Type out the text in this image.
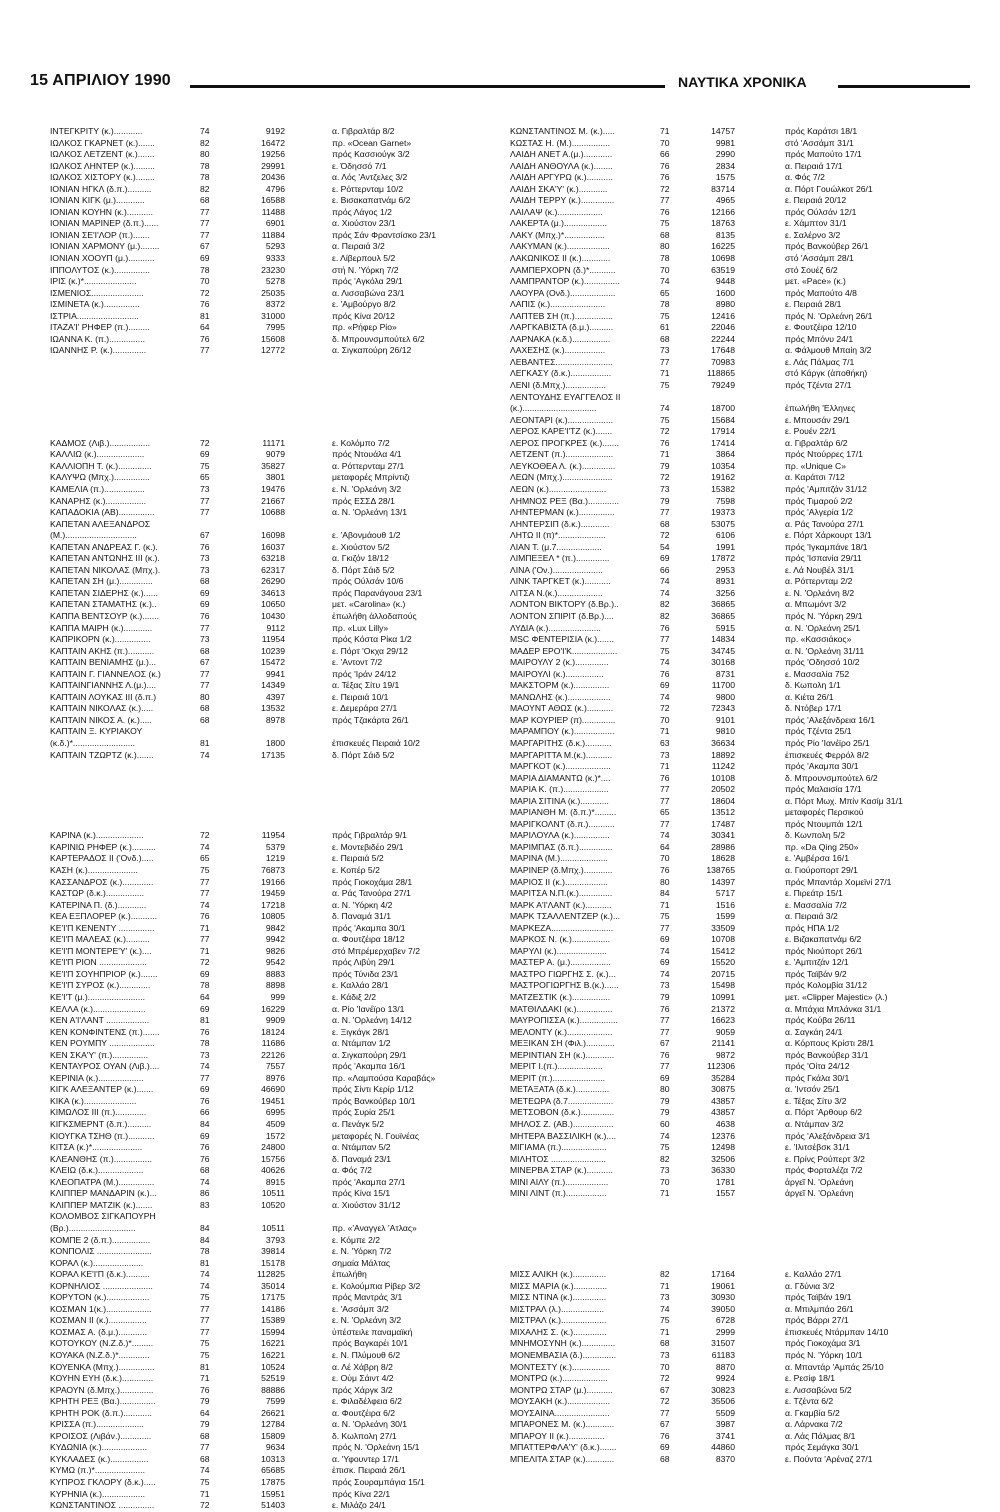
15 ΑΠΡΙΛΙΟΥ 1990	ΝΑΥΤΙΚΑ ΧΡΟΝΙΚΑ
ΙΝΤΕΓΚΡΙΤΥ (κ.)............	74	9192	α. Γιβραλτάρ 8/2
ΙΩΛΚΟΣ ΓΚΑΡΝΕΤ (κ.).......	82	16472	πρ. «Ocean Garnet»
ΙΩΛΚΟΣ ΛΕΤΖΕΝΤ (κ.).......	80	19256	πρός Κασσιούγκ 3/2
ΙΩΛΚΟΣ ΛΗΝΤΕΡ (κ.).........	78	29991	ε. Όδησσό 7/1
ΙΩΛΚΟΣ ΧΙΣΤΟΡΥ (κ.)........	78	20436	α. Λός 'Αντζελες 3/2
ΙΟΝΙΑΝ ΗΓΚΛ (δ.π.)..........	82	4796	ε. Ρόττερνταμ 10/2
ΙΟΝΙΑΝ ΚΙΓΚ (μ.)............	68	16588	ε. Βισακαπατνάμ 6/2
ΙΟΝΙΑΝ ΚΟΥΗΝ (κ.)...........	77	11488	πρός Λάγος 1/2
ΙΟΝΙΑΝ ΜΑΡΙΝΕΡ (δ.π.)......	77	6901	α. Χιούστον 23/1
ΙΟΝΙΑΝ ΣΕ'Ι'ΛΟΡ (π.).......	77	11884	πρός Σάν Φραντσίσκο 23/1
ΙΟΝΙΑΝ ΧΑΡΜΟΝΥ (μ.)........	67	5293	α. Πειραιά 3/2
ΙΟΝΙΑΝ ΧΟΟΥΠ (μ.)...........	69	9333	ε. Λίβερπουλ 5/2
ΙΠΠΟΛΥΤΟΣ (κ.)...............	78	23230	στή Ν. 'Υόρκη 7/2
ΙΡΙΣ (κ.)*......................	70	5278	πρός 'Αγκόλα 29/1
ΙΣΜΕΝΙΟΣ......................	72	25035	α. Λισσαβώνα 23/1
ΙΣΜΙΝΕΤΑ (κ.)...............	76	8372	ε. 'Αμβούργο 8/2
ΙΣΤΡΙΑ..........................	81	31000	πρός Κίνα 20/12
ΙΤΑΖΑ'Ι' ΡΗΦΕΡ (π.).........	64	7995	πρ. «Ρήφερ Ρίο»
ΙΩΑΝΝΑ Κ. (π.)...............	76	15608	δ. Μπρουνσμπούτελ 6/2
ΙΩΑΝΝΗΣ Ρ. (κ.)..............	77	12772	α. Σιγκαπούρη 26/12
ΚΑΔΜΟΣ (Λιβ.).................	72	11171	ε. Κολόμπο 7/2
ΚΑΛΛΙΩ (κ.)....................	69	9079	πρός Ντουάλα 4/1
ΚΑΛΛΙΟΠΗ Τ. (κ.)..............	75	35827	α. Ρόττερνταμ 27/1
ΚΑΛΥΨΩ (Μπχ.)...............	65	3801	μεταφορές Μπρίντιζι
ΚΑΜΕΛΙΑ (π.).................	73	19476	ε. Ν. 'Ορλεάνη 3/2
ΚΑΝΑΡΗΣ (κ.).................	77	21667	πρός ΕΣΣΔ 28/1
ΚΑΠΑΔΟΚΙΑ (ΑΒ)...............	77	10688	α. Ν. 'Ορλεάνη 13/1
ΚΑΠΕΤΑΝ ΑΛΕΞΑΝΔΡΟΣ
(Μ.)..............................	67	16098	ε. 'Αβονμάουθ 1/2
ΚΑΠΕΤΑΝ ΑΝΔΡΕΑΣ Γ. (κ.).	76	16037	ε. Χιούστον 5/2
ΚΑΠΕΤΑΝ ΑΝΤΩΝΗΣ ΙΙΙ (κ.).	73	63218	α. Γκιζόν 18/12
ΚΑΠΕΤΑΝ ΝΙΚΟΛΑΣ (Μπχ.).	73	62317	δ. Πόρτ Σάιδ 5/2
ΚΑΠΕΤΑΝ ΣΗ (μ.)..............	68	26290	πρός Ούλσάν 10/6
ΚΑΠΕΤΑΝ ΣΙΔΕΡΗΣ (κ.)......	69	34613	πρός Παρανάγουα 23/1
ΚΑΠΕΤΑΝ ΣΤΑΜΑΤΗΣ (κ.)..	69	10650	μετ. «Carolina» (κ.)
ΚΑΠΠΑ ΒΕΝΤΣΟΥΡ (κ.).......	76	10430	ἐπωλήθη ἀλλοδαπούς
ΚΑΠΠΑ ΜΑΙΡΗ (κ.)............	77	9112	πρ. «Lux Lilly»
ΚΑΠΡΙΚΟΡΝ (κ.)...............	73	11954	πρός Κόστα Ρίκα 1/2
ΚΑΠΤΑΙΝ ΑΚΗΣ (π.)...........	68	10239	ε. Πόρτ 'Οκχα 29/12
ΚΑΠΤΑΙΝ ΒΕΝΙΑΜΗΣ (μ.)...	67	15472	ε. 'Αντοντ 7/2
ΚΑΠΤΑΙΝ Γ. ΓΙΑΝΝΕΛΟΣ (κ.)	77	9941	πρός 'Ιράν 24/12
ΚΑΠΤΑΙΝΓΙΑΝΝΗΣ Λ.(μ.)....	77	14349	α. Τέξας Σίτυ 19/1
ΚΑΠΤΑΙΝ ΛΟΥΚΑΣ ΙΙΙ (δ.π.)	80	4397	ε. Πειραιά 10/1
ΚΑΠΤΑΙΝ ΝΙΚΟΛΑΣ (κ.).....	68	13532	ε. Δεμεράρα 27/1
ΚΑΠΤΑΙΝ ΝΙΚΟΣ Α. (κ.).....	68	8978	πρός Τζακάρτα 26/1
ΚΑΠΤΑΙΝ Ξ. ΚΥΡΙΑΚΟΥ
(κ.δ.)*..........................	81	1800	ἐπισκευές Πειραιά 10/2
ΚΑΠΤΑΙΝ ΤΖΩΡΤΖ (κ.).......	74	17135	δ. Πόρτ Σάιδ 5/2
ΚΑΡΙΝΑ (κ.)....................	72	11954	πρός Γιβραλτάρ 9/1
ΚΑΡΙΝΙΩ ΡΗΦΕΡ (κ.)..........	74	5379	ε. Μοντεβιδέο 29/1
ΚΑΡΤΕΡΑΔΟΣ ΙΙ ('Ονδ.).....	65	1219	ε. Πειραιά 5/2
ΚΑΣΗ (κ.).....................	75	76873	ε. Κοπέρ 5/2
ΚΑΣΣΑΝΔΡΟΣ (κ.).............	77	19166	πρός Γιοκοχάμα 28/1
ΚΑΣΤΩΡ (δ.κ.)................	77	19459	α. Ράς Τανούρα 27/1
ΚΑΤΕΡΙΝΑ Π. (δ.)............	74	17218	α. Ν. 'Υόρκη 4/2
ΚΕΑ ΕΞΠΛΟΡΕΡ (κ.)...........	76	10805	δ. Παναμά 31/1
ΚΕ'Ι'Π ΚΕΝΕΝΤΥ ...............	71	9842	πρός 'Ακαμπα 30/1
ΚΕ'Ι'Π ΜΑΛΕΑΣ (κ.)..........	77	9942	α. Φουτζέιρα 18/12
ΚΕ'Ι'Π ΜΟΝΤΕΡΕ'Υ' (κ.)....	71	9826	στό Μπρέμερχαβεν 7/2
ΚΕ'Ι'Π ΡΙΟΝ ....................	72	9542	πρός Λιβύη 29/1
ΚΕ'Ι'Π ΣΟΥΗΠΡΙΟΡ (κ.).......	69	8883	πρός Τύνιδα 23/1
ΚΕ'Ι'Π ΣΥΡΟΣ (κ.).............	78	8898	ε. Καλλάο 28/1
ΚΕ'Ι'Τ (μ.)........................	64	999	ε. Κάδιξ 2/2
ΚΕΛΛΑ (κ.)......................	69	16229	α. Ρίο 'Ιανέϊρο 13/1
ΚΕΝ Α'Ι'ΛΑΝΤ ..................	81	9909	α. Ν. 'Ορλεάνη 14/12
ΚΕΝ ΚΟΝΦΙΝΤΕΝΣ (π.).......	76	18124	ε. Ξιγκάγκ 28/1
ΚΕΝ ΡΟΥΜΠΥ ...................	78	11686	α. Ντάμπαν 1/2
ΚΕΝ ΣΚΑ'Υ' (π.)...............	73	22126	α. Σιγκαπούρη 29/1
ΚΕΝΤΑΥΡΟΣ ΟΥΑΝ (Λιβ.)....	74	7557	πρός 'Ακαμπα 16/1
ΚΕΡΙΝΙΑ (κ.)...................	77	8976	πρ. «Λαμπούσα Καραβάς»
ΚΙΓΚ ΑΛΕΞΑΝΤΕΡ (κ.).......	69	46690	πρός Σίντι Κερίρ 1/12
ΚΙΚΑ (κ.)......................	76	19451	πρός Βανκούβερ 10/1
ΚΙΜΩΛΟΣ ΙΙΙ (π.).............	66	6995	πρός Συρία 25/1
ΚΙΓΚΣΜΕΡΝΤ (δ.π.)..........	84	4509	α. Πενάγκ 5/2
ΚΙΟΥΓΚΑ ΤΣΗΘ (π.)...........	69	1572	μεταφορές Ν. Γουϊνέας
ΚΙΤΣΑ (κ.)*.....................	76	24800	α. Ντάμπαν 5/2
ΚΛΕΑΝΘΗΣ (π.)................	76	15756	δ. Παναμά 23/1
ΚΛΕΙΩ (δ.κ.)...................	68	40626	α. Φός 7/2
ΚΛΕΟΠΑΤΡΑ (Μ.)...............	74	8915	πρός 'Ακαμπα 27/1
ΚΛΙΠΠΕΡ ΜΑΝΔΑΡΙΝ (κ.)...	86	10511	πρός Κίνα 15/1
ΚΛΙΠΠΕΡ ΜΑΤΖΙΚ (κ.).......	83	10520	α. Χιούστον 31/12
ΚΟΛΟΜΒΟΣ ΣΙΓΚΑΠΟΥΡΗ
(Βρ.)............................	84	10511	πρ. «'Αναγγελ 'Ατλας»
ΚΟΜΠΕ 2 (δ.π.)................	84	3793	ε. Κόμπε 2/2
ΚΟΝΠΟΛΙΣ .......................	78	39814	ε. Ν. 'Υόρκη 7/2
ΚΟΡΑΛ (κ.).....................	81	15178	σημαία Μάλτας
ΚΟΡΑΛ ΚΕ'Ι'Π (δ.κ.)..........	74	112825	ἐπωλήθη
ΚΟΡΝΗΛΙΟΣ .....................	74	35014	ε. Κολούμπια Ρίβερ 3/2
ΚΟΡΥΤΟΝ (κ.)..................	75	17175	πρός Μαντράς 3/1
ΚΟΣΜΑΝ 1(κ.)...................	77	14186	ε. 'Ασσάμπ 3/2
ΚΟΣΜΑΝ ΙΙ (κ.)................	77	15389	ε. Ν. 'Ορλεάνη 3/2
ΚΟΣΜΑΣ Α. (δ.μ.)............	77	15994	ὑπέστειλε παναμαϊκή
ΚΟΤΟΥΚΟΥ (Ν.Ζ.δ.)*.........	75	16221	πρός Βαγκαρέι 10/1
ΚΟΥΑΚΑ (Ν.Ζ.δ.)*.............	75	16221	ε. Ν. Πλύμουθ 6/2
ΚΟΥΕΝΚΑ (Μπχ.)...............	81	10524	α. Λέ Χάβρη 8/2
ΚΟΥΗΝ ΕΥΗ (δ.κ.).............	71	52519	ε. Οὐμ Σάιντ 4/2
ΚΡΑΟΥΝ (δ.Μπχ.)..............	76	88886	πρός Χάργκ 3/2
ΚΡΗΤΗ ΡΕΞ (Βα.)...............	79	7599	ε. Φιλαδέλφεια 6/2
ΚΡΗΤΗ ΡΟΚ (δ.π.)............	64	26621	α. Φουτζέιρα 6/2
ΚΡΙΣΣΑ (π.)....................	79	12784	α. Ν. 'Ορλεάνη 30/1
ΚΡΟΙΣΟΣ (Λιβάν.).............	68	15809	δ. Κωλπολη 27/1
ΚΥΔΩΝΙΑ (κ.)...................	77	9634	πρός Ν. 'Ορλεάνη 15/1
ΚΥΚΛΑΔΕΣ (κ.)................	68	10313	α. 'Υφουντερ 17/1
ΚΥΜΩ (π.)*.....................	74	65685	ἐπισκ. Πειραιά 26/1
ΚΥΠΡΟΣ ΓΚΛΟΡΥ (δ.κ.).....	75	17875	πρός Σουραμπάγια 15/1
ΚΥΡΗΝΙΑ (κ.)..................	71	15951	πρός Κίνα 22/1
ΚΩΝΣΤΑΝΤΙΝΟΣ ...............	72	51403	ε. Μιλάζο 24/1
ΚΩΝΣΤΑΝΤΙΝΟΣ Μ. (κ.).....	71	14757	πρός Καράτσι 18/1
ΚΩΣΤΑΣ Η. (Μ.)................	70	9981	στό 'Ασσάμπ 31/1
ΛΑΙΔΗ ΑΝΕΤ Α.(μ.)............	66	2990	πρός Μαπούτο 17/1
ΛΑΙΔΗ ΑΝΘΟΥΛΑ (κ.)........	76	2834	α. Πειραιά 17/1
ΛΑΙΔΗ ΑΡΓΥΡΩ (κ.)...........	76	1575	α. Φός 7/2
ΛΑΙΔΗ ΣΚΑ'Υ' (κ.)............	72	83714	α. Πόρτ Γουώλκοτ 26/1
ΛΑΙΔΗ ΤΕΡΡΥ (κ.)..............	77	4965	ε. Πειραιά 20/12
ΛΑΙΛΑΨ (κ.)...................	76	12166	πρός Ούλσάν 12/1
ΛΑΚΕΡΤΑ (μ.)..................	75	18763	ε. Χάμπτον 31/1
ΛΑΚΥ (Μπχ.)*.................	68	8135	ε. Σαλέρνο 3/2
ΛΑΚΥΜΑΝ (κ.)..................	80	16225	πρός Βανκούβερ 26/1
ΛΑΚΩΝΙΚΟΣ ΙΙ (κ.)............	78	10698	στό 'Ασσάμπ 28/1
ΛΑΜΠΕΡΧΟΡΝ (δ.)*...........	70	63519	στό Σουέζ 6/2
ΛΑΜΠΡΑΝΤΟΡ (κ.)...............	74	9448	μετ. «Pace» (κ.)
ΛΑΟΥΡΑ (Ονδ.)...................	65	1600	πρός Μαπούτο 4/8
ΛΑΠΙΣ (κ.).......................	78	8980	ε. Πειραιά 28/1
ΛΑΠΤΕΒ ΣΗ (π.)................	75	12416	πρός Ν. 'Ορλεάνη 26/1
ΛΑΡΓΚΑΒΙΣΤΑ (δ.μ.)..........	61	22046	ε. Φουτζέιρα 12/10
ΛΑΡΝΑΚΑ (κ.δ.)................	68	22244	πρός Μπόνυ 24/1
ΛΑΧΕΣΗΣ (κ.).................	73	17648	α. Φάλμουθ Μπαίη 3/2
ΛΕΒΑΝΤΕΣ........................	77	70983	ε. Λάς Πάλμας 7/1
ΛΕΓΚΑΣΥ (δ.κ.).................	71	118865	στό Κάργκ (ἀποθήκη)
ΛΕΝΙ (δ.Μπχ.).................	75	79249	πρός Τζέντα 27/1
ΛΕΝΤΟΥΔΗΣ ΕΥΑΓΓΕΛΟΣ ΙΙ
(κ.)...............................	74	18700	ἐπωλήθη 'Ελληνες
ΛΕΟΝΤΑΡΙ (κ.)...................	75	15684	ε. Μπουσάν 29/1
ΛΕΡΟΣ ΚΑΡΕ'Ι'ΤΖ (κ.).......	72	17914	ε. Ρουέν 22/1
ΛΕΡΟΣ ΠΡΟΓΚΡΕΣ (κ.).......	76	17414	α. Γιβραλτάρ 6/2
ΛΕΤΖΕΝΤ (π.)....................	71	3864	πρός Ντούρρες 17/1
ΛΕΥΚΟΘΕΑ Λ. (κ.)..............	79	10354	πρ. «Unique C»
ΛΕΩΝ (Μπχ.).....................	72	19162	α. Καράτσι 7/12
ΛΕΩΝ (κ.)........................	73	15382	πρός 'Αμπιτζάν 31/12
ΛΗΜΝΟΣ ΡΕΞ (Βα.).............	79	7598	πρός Τιμαρού 2/2
ΛΗΝΤΕΡΜΑΝ (κ.)...............	77	19373	πρός 'Αλγερία 1/2
ΛΗΝΤΕΡΣΙΠ (δ.κ.)............	68	53075	α. Ράς Τανούρα 27/1
ΛΗΤΩ ΙΙ (π)*....................	72	6106	ε. Πόρτ Χάρκουρτ 13/1
ΛΙΑΝ Τ. (μ.7...................	54	1991	πρός 'Ιγκαμπάνε 18/1
ΛΙΜΠΕΞΕΛ * (π.)..............	69	17872	πρός 'Ισπανία 29/11
ΛΙΝΑ ('Ον.).....................	66	2953	ε. Λά Νουβέλ 31/1
ΛΙΝΚ ΤΑΡΓΚΕΤ (κ.)...........	74	8931	α. Ρόττερνταμ 2/2
ΛΙΤΣΑ Ν.(κ.)...................	74	3256	ε. Ν. 'Ορλεάνη 8/2
ΛΟΝΤΟΝ ΒΙΚΤΟΡΥ (δ.Βρ.)..	82	36865	α. Μπωμόντ 3/2
ΛΟΝΤΟΝ ΣΠΙΡΙΤ (δ.Βρ.)....	82	36865	πρός Ν. 'Υόρκη 29/1
ΛΥΔΙΑ (κ.)......................	76	5915	α. Ν. 'Ορλεάνη 25/1
MSC ΦΕΝΤΕΡΙΣΙΑ (κ.).......	77	14834	πρ. «Κασσιάκος»
ΜΑΔΕΡ ΕΡΟ'Ι'Κ...................	75	34745	α. Ν. 'Ορλεάνη 31/11
ΜΑΙΡΟΥΛΥ 2 (κ.)..............	74	30168	πρός 'Οδησσό 10/2
ΜΑΙΡΟΥΛΙ (κ.)................	76	8731	ε. Μασσαλία 752
ΜΑΚΣΤΟΡΜ (κ.)...............	69	11700	δ. Κωπολη 1/1
ΜΑΝΩΛΗΣ (κ.)..................	74	9800	α. Κιέτα 26/1
ΜΑΟΥΝΤ ΑΘΩΣ (κ.)...........	72	72343	δ. Ντόβερ 17/1
ΜΑΡ ΚΟΥΡΙΕΡ (π)..............	70	9101	πρός 'Αλεξάνδρεια 16/1
ΜΑΡΑΜΠΟΥ (κ.).................	71	9810	πρός Τζέντα 25/1
ΜΑΡΓΑΡΙΤΗΣ (δ.κ.)...........	63	36634	πρός Ρίο 'Ιανέϊρο 25/1
ΜΑΡΓΑΡΙΤΤΑ Μ.(κ.)...........	73	18892	ἐπισκευές Φερρόλ 8/2
ΜΑΡΓΚΟΤ (κ.)...................	71	11242	πρός 'Ακαμπα 30/1
ΜΑΡΙΑ ΔΙΑΜΑΝΤΩ (κ.)*....	76	10108	δ. Μπρουνσμπούτελ 6/2
ΜΑΡΙΑ Κ. (π.)...................	77	20502	πρός Μαλαισία 17/1
ΜΑΡΙΑ ΣΙΤΙΝΑ (κ.)............	77	18604	α. Πόρτ Μωχ. Μπίν Κασίμ 31/1
ΜΑΡΙΑΝΘΗ Μ. (δ.π.)*.........	65	13512	μεταφορές Περσικού
ΜΑΡΙΓΚΟΛΝΤ (δ.π.)...........	77	17487	πρός Ντουμπάι 12/1
ΜΑΡΙΛΟΥΛΑ (κ.)...............	74	30341	δ. Κωνπολη 5/2
ΜΑΡΙΜΠΑΣ (δ.π.)..............	64	28986	πρ. «Da Qing 250»
ΜΑΡΙΝΑ (Μ.)....................	70	18628	ε. 'Αμβέρσα 16/1
ΜΑΡΙΝΕΡ (δ.Μπχ.)............	76	138765	α. Γιούροπορτ 29/1
ΜΑΡΙΟΣ ΙΙ (κ.)..................	80	14397	πρός Μπαντάρ Χομεϊνί 27/1
ΜΑΡΙΤΣΑ Ν.Π.(κ.)..............	84	5717	ε. Πιρεάτρ 15/1
ΜΑΡΚ Α'Ι'ΛΑΝΤ (κ.)...........	71	1516	ε. Μασσαλία 7/2
ΜΑΡΚ ΤΣΑΛΛΕΝΤΖΕΡ (κ.)...	75	1599	α. Πειραιά 3/2
ΜΑΡΚΕΖΑ..........................	77	33509	πρός ΗΠΑ 1/2
ΜΑΡΚΟΣ Ν. (κ.)................	69	10708	ε. Βιζακαπατνάμ 6/2
ΜΑΡΥΛΙ (κ.).....................	74	15412	πρός Νιούπορτ 26/1
ΜΑΣΤΕΡ Α. (μ.).................	69	15520	ε. 'Αμπιτζάν 12/1
ΜΑΣΤΡΟ ΓΙΩΡΓΗΣ Σ. (κ.)...	74	20715	πρός Ταϊβάν 9/2
ΜΑΣΤΡΟΓΙΩΡΓΗΣ Β.(κ.)......	73	15498	πρός Κολομβία 31/12
ΜΑΤΖΕΣΤΙΚ (κ.)................	79	10991	μετ. «Clipper Majestic» (λ.)
ΜΑΤΘΙΛΔΑΚΙ (κ.)...............	76	21372	α. Μπάχια Μπλάνκα 31/1
ΜΑΥΡΟΠΙΣΣΑ (κ.)................	77	16623	πρός Κούβα 26/11
ΜΕΛΟΝΤΥ (κ.)...................	77	9059	α. Σαγκάη 24/1
ΜΕΞΙΚΑΝ ΣΗ (Φιλ.)............	67	21141	α. Κόρπους Κρίστι 28/1
ΜΕΡΙΝΤΙΑΝ ΣΗ (κ.)............	76	9872	πρός Βανκούβερ 31/1
ΜΕΡΙΤ Ι.(π.)...................	77	112306	πρός 'Οίτα 24/12
ΜΕΡΙΤ (π.)......................	69	35284	πρός Γκάλα 30/1
ΜΕΤΑΞΑΤΑ (δ.κ.)..............	80	30875	α. 'Ιντσόν 25/1
ΜΕΤΕΩΡΑ (δ.7...................	79	43857	ε. Τέξας Σίτυ 3/2
ΜΕΤΣΟΒΟΝ (δ.κ.)..............	79	43857	α. Πόρτ 'Αρθουρ 6/2
ΜΗΛΟΣ Ζ. (ΑΒ.).................	60	4638	α. Ντάμπαν 3/2
ΜΗΤΕΡΑ ΒΑΣΣΙΛΙΚΗ (κ.)....	74	12376	πρός 'Αλεξάνδρεια 3/1
ΜΙΓΙΑΜΑ (π.)...................	75	12498	ε. 'Ιλιτσέβσκ 31/1
ΜΙΛΗΤΟΣ .......................	82	32506	ε. Πρίνς Ρούπερτ 3/2
ΜΙΝΕΡΒΑ ΣΤΑΡ (κ.)...........	73	36330	πρός Φορταλέζα 7/2
ΜΙΝΙ ΑΙΛΥ (π.)..................	70	1781	ἀργεῖ Ν. 'Ορλεάνη
ΜΙΝΙ ΛΙΝΤ (π.).................	71	1557	ἀργεῖ Ν. 'Ορλεάνη
ΜΙΣΣ ΑΛΙΚΗ (κ.)..............	82	17164	ε. Καλλάο 27/1
ΜΙΣΣ ΜΑΡΙΑ (κ.)..............	71	19061	α. Γδύνια 3/2
ΜΙΣΣ ΝΤΙΝΑ (κ.)..............	73	30930	πρός Ταϊβάν 19/1
ΜΙΣΤΡΑΛ (λ.)..................	74	39050	α. Μπιλμπάο 26/1
ΜΙΣΤΡΑΛ (κ.)...................	75	6728	πρός Βάρρι 27/1
ΜΙΧΑΛΗΣ Σ. (κ.)..............	71	2999	ἐπισκευές Ντάρμπαν 14/10
ΜΝΗΜΟΣΥΝΗ (κ.)..............	68	31507	πρός Γιοκοχάμα 3/1
ΜΟΝΕΜΒΑΣΙΑ (δ.)..............	73	61183	πρός Ν. 'Υόρκη 10/1
ΜΟΝΤΕΣΤΥ (κ.)................	70	8870	α. Μπαντάρ 'Αμπάς 25/10
ΜΟΝΤΡΩ (κ.)...................	72	9924	ε. Ρεσίφ 18/1
ΜΟΝΤΡΩ ΣΤΑΡ (μ.)...........	67	30823	ε. Λισσαβώνα 5/2
ΜΟΥΣΑΚΗ (κ.)..................	72	35506	ε. Τζέντα 6/2
ΜΟΥΣΑΙΝΑ.......................	77	5509	α. Γκαμβία 5/2
ΜΠΑΡΟΝΕΣ Μ. (κ.)............	67	3987	α. Λάρνακα 7/2
ΜΠΑΡΟΥ ΙΙ (κ.)...............	76	3741	α. Λάς Πάλμας 8/1
ΜΠΑΤΤΕΡΦΛΑ'Υ' (δ.κ.).......	69	44860	πρός Σεμάγκα 30/1
ΜΠΕΛΙΤΑ ΣΤΑΡ (κ.)............	68	8370	ε. Πούντα 'Αρέναζ 27/1
